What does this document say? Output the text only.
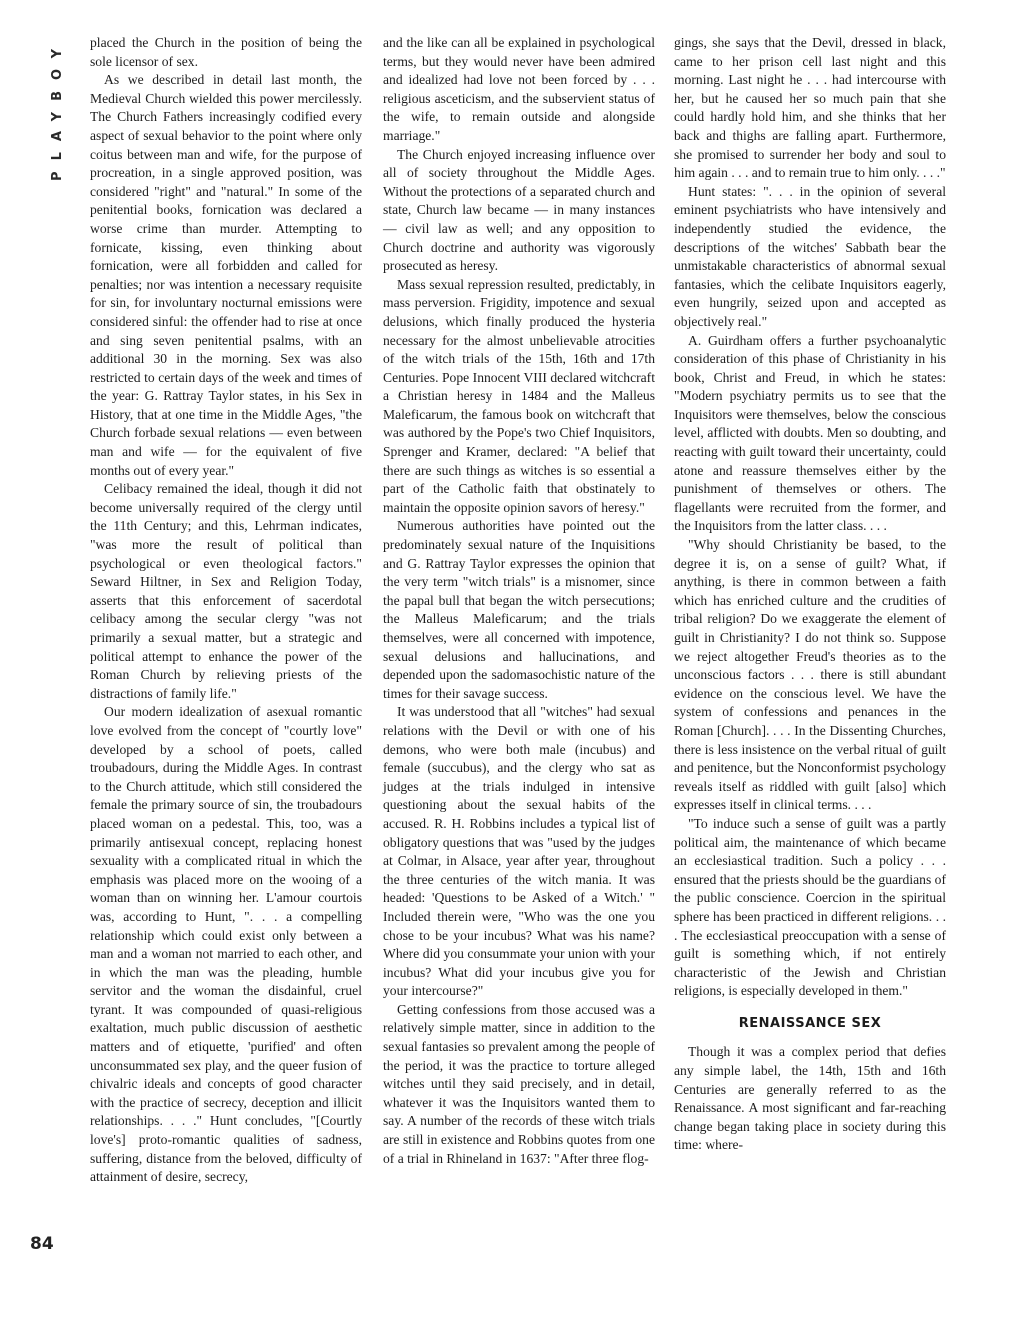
PLAYBOY
84

placed the Church in the position of being the sole licensor of sex.

As we described in detail last month, the Medieval Church wielded this power mercilessly. The Church Fathers increasingly codified every aspect of sexual behavior to the point where only coitus between man and wife, for the purpose of procreation, in a single approved position, was considered "right" and "natural." In some of the penitential books, fornication was declared a worse crime than murder. Attempting to fornicate, kissing, even thinking about fornication, were all forbidden and called for penalties; nor was intention a necessary requisite for sin, for involuntary nocturnal emissions were considered sinful: the offender had to rise at once and sing seven penitential psalms, with an additional 30 in the morning. Sex was also restricted to certain days of the week and times of the year: G. Rattray Taylor states, in his Sex in History, that at one time in the Middle Ages, "the Church forbade sexual relations — even between man and wife — for the equivalent of five months out of every year."

Celibacy remained the ideal, though it did not become universally required of the clergy until the 11th Century; and this, Lehrman indicates, "was more the result of political than psychological or even theological factors." Seward Hiltner, in Sex and Religion Today, asserts that this enforcement of sacerdotal celibacy among the secular clergy "was not primarily a sexual matter, but a strategic and political attempt to enhance the power of the Roman Church by relieving priests of the distractions of family life."

Our modern idealization of asexual romantic love evolved from the concept of "courtly love" developed by a school of poets, called troubadours, during the Middle Ages. In contrast to the Church attitude, which still considered the female the primary source of sin, the troubadours placed woman on a pedestal. This, too, was a primarily antisexual concept, replacing honest sexuality with a complicated ritual in which the emphasis was placed more on the wooing of a woman than on winning her. L'amour courtois was, according to Hunt, ". . . a compelling relationship which could exist only between a man and a woman not married to each other, and in which the man was the pleading, humble servitor and the woman the disdainful, cruel tyrant. It was compounded of quasi-religious exaltation, much public discussion of aesthetic matters and of etiquette, 'purified' and often unconsummated sex play, and the queer fusion of chivalric ideals and concepts of good character with the practice of secrecy, deception and illicit relationships. . . ." Hunt concludes, "[Courtly love's] proto-romantic qualities of sadness, suffering, distance from the beloved, difficulty of attainment of desire, secrecy,

and the like can all be explained in psychological terms, but they would never have been admired and idealized had love not been forced by . . . religious asceticism, and the subservient status of the wife, to remain outside and alongside marriage."

The Church enjoyed increasing influence over all of society throughout the Middle Ages. Without the protections of a separated church and state, Church law became — in many instances — civil law as well; and any opposition to Church doctrine and authority was vigorously prosecuted as heresy.

Mass sexual repression resulted, predictably, in mass perversion. Frigidity, impotence and sexual delusions, which finally produced the hysteria necessary for the almost unbelievable atrocities of the witch trials of the 15th, 16th and 17th Centuries. Pope Innocent VIII declared witchcraft a Christian heresy in 1484 and the Malleus Maleficarum, the famous book on witchcraft that was authored by the Pope's two Chief Inquisitors, Sprenger and Kramer, declared: "A belief that there are such things as witches is so essential a part of the Catholic faith that obstinately to maintain the opposite opinion savors of heresy."

Numerous authorities have pointed out the predominately sexual nature of the Inquisitions and G. Rattray Taylor expresses the opinion that the very term "witch trials" is a misnomer, since the papal bull that began the witch persecutions; the Malleus Maleficarum; and the trials themselves, were all concerned with impotence, sexual delusions and hallucinations, and depended upon the sadomasochistic nature of the times for their savage success.

It was understood that all "witches" had sexual relations with the Devil or with one of his demons, who were both male (incubus) and female (succubus), and the clergy who sat as judges at the trials indulged in intensive questioning about the sexual habits of the accused. R. H. Robbins includes a typical list of obligatory questions that was "used by the judges at Colmar, in Alsace, year after year, throughout the three centuries of the witch mania. It was headed: 'Questions to be Asked of a Witch.' " Included therein were, "Who was the one you chose to be your incubus? What was his name? Where did you consummate your union with your incubus? What did your incubus give you for your intercourse?"

Getting confessions from those accused was a relatively simple matter, since in addition to the sexual fantasies so prevalent among the people of the period, it was the practice to torture alleged witches until they said precisely, and in detail, whatever it was the Inquisitors wanted them to say. A number of the records of these witch trials are still in existence and Robbins quotes from one of a trial in Rhineland in 1637: "After three flog-

gings, she says that the Devil, dressed in black, came to her prison cell last night and this morning. Last night he . . . had intercourse with her, but he caused her so much pain that she could hardly hold him, and she thinks that her back and thighs are falling apart. Furthermore, she promised to surrender her body and soul to him again . . . and to remain true to him only. . . ."

Hunt states: ". . . in the opinion of several eminent psychiatrists who have intensively and independently studied the evidence, the descriptions of the witches' Sabbath bear the unmistakable characteristics of abnormal sexual fantasies, which the celibate Inquisitors eagerly, even hungrily, seized upon and accepted as objectively real."

A. Guirdham offers a further psychoanalytic consideration of this phase of Christianity in his book, Christ and Freud, in which he states: "Modern psychiatry permits us to see that the Inquisitors were themselves, below the conscious level, afflicted with doubts. Men so doubting, and reacting with guilt toward their uncertainty, could atone and reassure themselves either by the punishment of themselves or others. The flagellants were recruited from the former, and the Inquisitors from the latter class. . . .

"Why should Christianity be based, to the degree it is, on a sense of guilt? What, if anything, is there in common between a faith which has enriched culture and the crudities of tribal religion? Do we exaggerate the element of guilt in Christianity? I do not think so. Suppose we reject altogether Freud's theories as to the unconscious factors . . . there is still abundant evidence on the conscious level. We have the system of confessions and penances in the Roman [Church]. . . . In the Dissenting Churches, there is less insistence on the verbal ritual of guilt and penitence, but the Nonconformist psychology reveals itself as riddled with guilt [also] which expresses itself in clinical terms. . . .

"To induce such a sense of guilt was a partly political aim, the maintenance of which became an ecclesiastical tradition. Such a policy . . . ensured that the priests should be the guardians of the public conscience. Coercion in the spiritual sphere has been practiced in different religions. . . . The ecclesiastical preoccupation with a sense of guilt is something which, if not entirely characteristic of the Jewish and Christian religions, is especially developed in them."

RENAISSANCE SEX

Though it was a complex period that defies any simple label, the 14th, 15th and 16th Centuries are generally referred to as the Renaissance. A most significant and far-reaching change began taking place in society during this time: where-
